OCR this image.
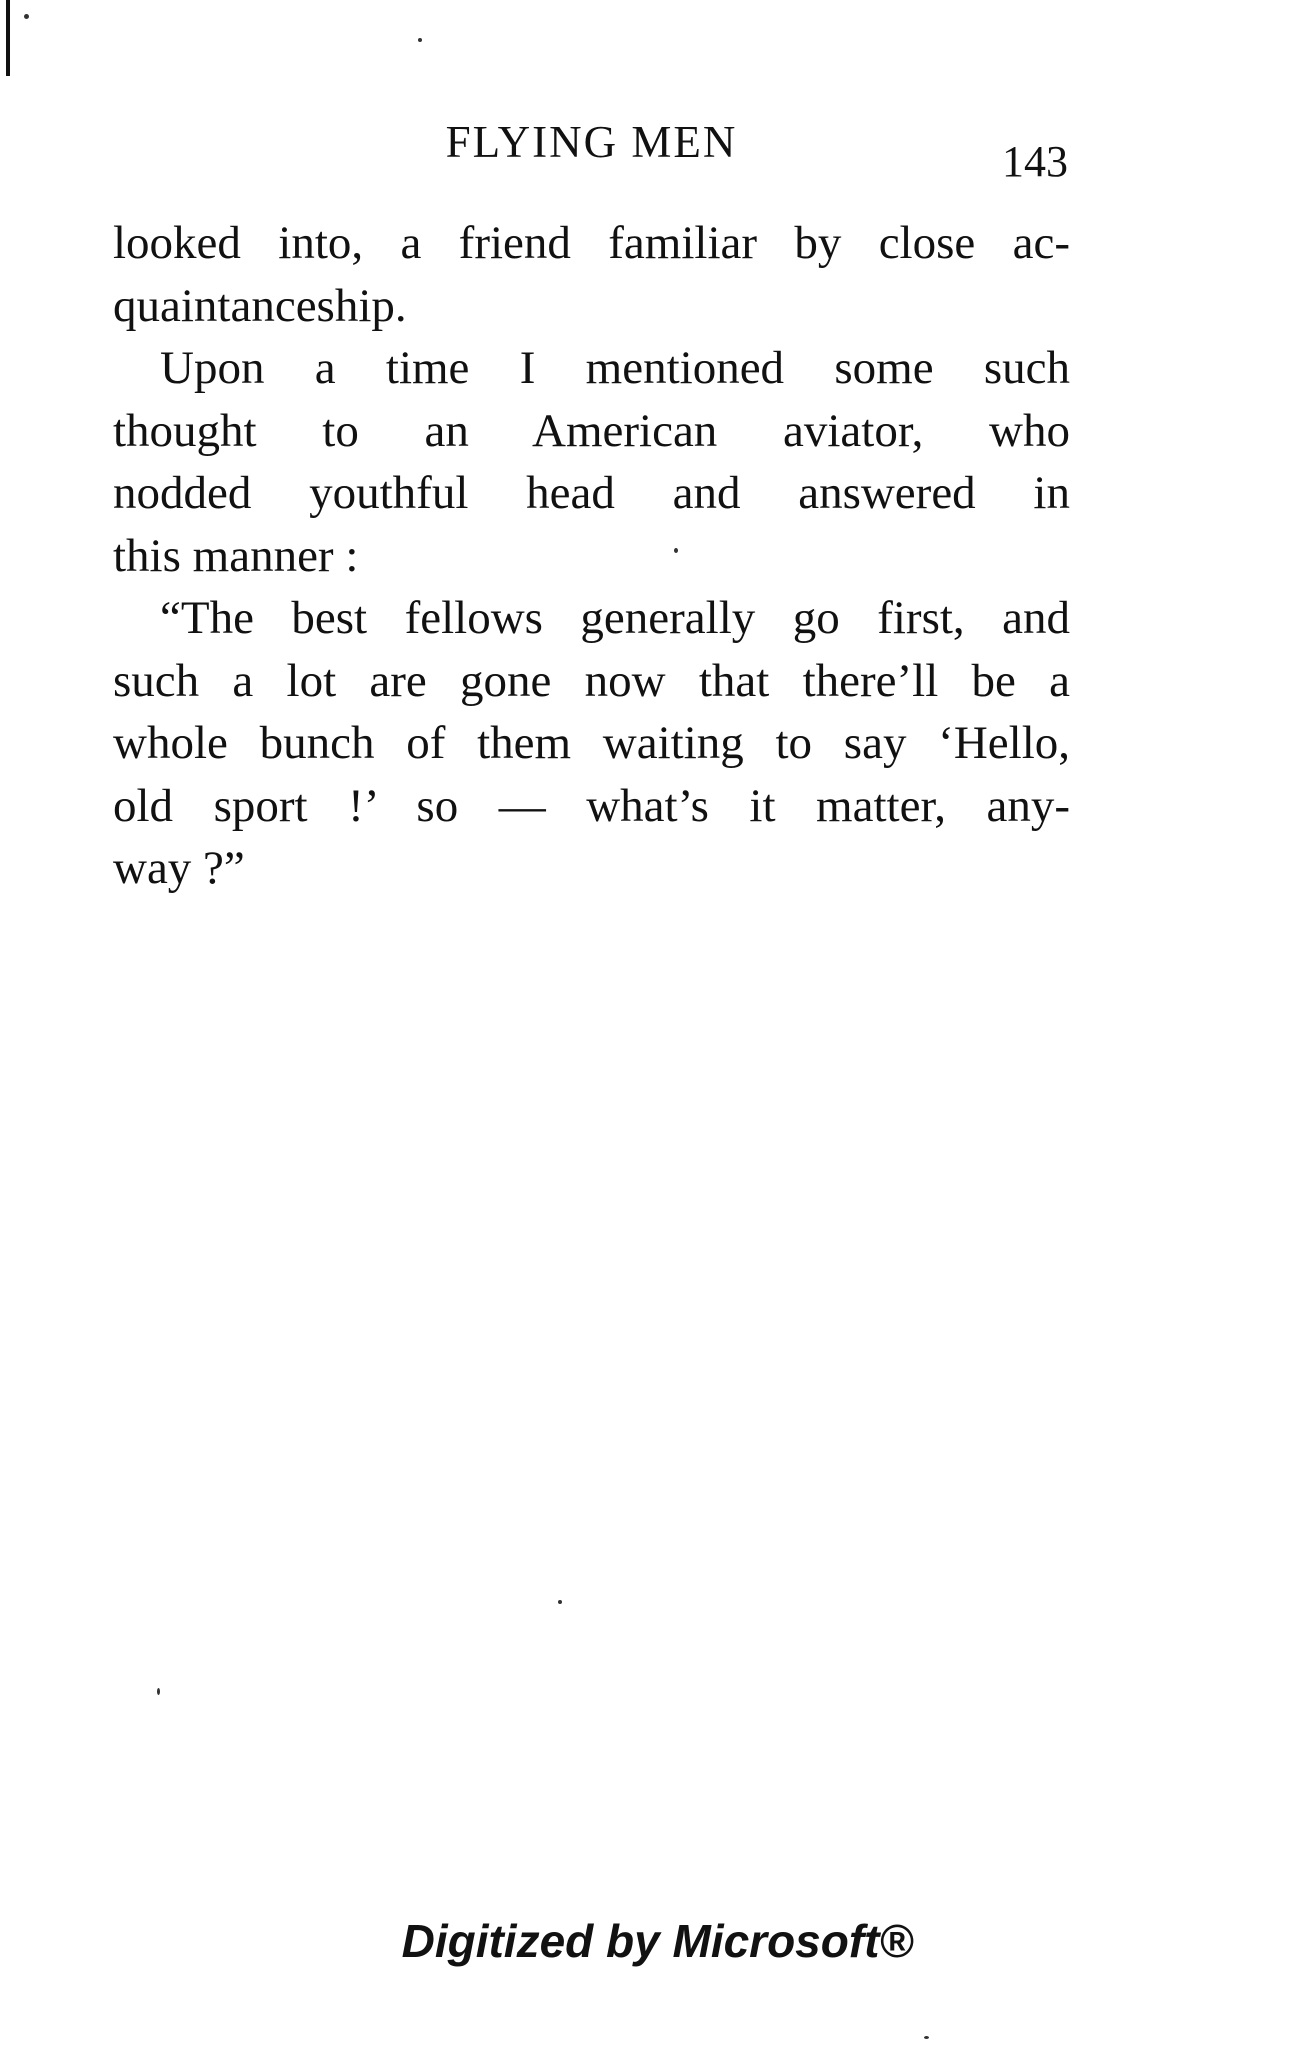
FLYING MEN	143
looked into, a friend familiar by close ac-
quaintanceship.
Upon a time I mentioned some such
thought to an American aviator, who
nodded youthful head and answered in
this manner :
“The best fellows generally go first, and
such a lot are gone now that there’ll be a
whole bunch of them waiting to say ‘Hello,
old sport !’ so — what’s it matter, any-
way ?”
Digitized by Microsoft®
